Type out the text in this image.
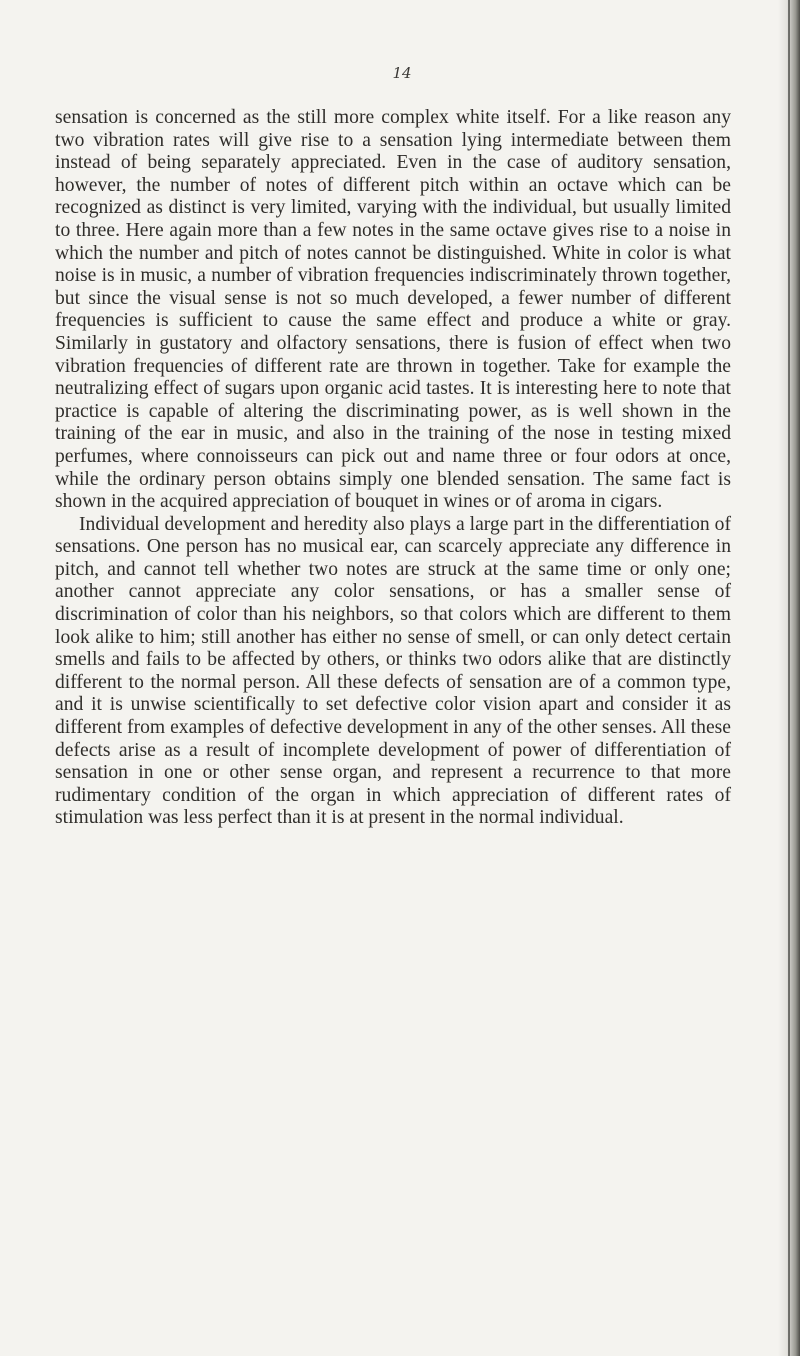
14

sensation is concerned as the still more complex white itself. For a like reason any two vibration rates will give rise to a sensation lying intermediate between them instead of being separately appreciated. Even in the case of auditory sensation, however, the number of notes of different pitch within an octave which can be recognized as distinct is very limited, varying with the individual, but usually limited to three. Here again more than a few notes in the same octave gives rise to a noise in which the number and pitch of notes cannot be distinguished. White in color is what noise is in music, a number of vibration frequencies indiscriminately thrown together, but since the visual sense is not so much developed, a fewer number of different frequencies is sufficient to cause the same effect and produce a white or gray. Similarly in gustatory and olfactory sensations, there is fusion of effect when two vibration frequencies of different rate are thrown in together. Take for example the neutralizing effect of sugars upon organic acid tastes. It is interesting here to note that practice is capable of altering the discriminating power, as is well shown in the training of the ear in music, and also in the training of the nose in testing mixed perfumes, where connoisseurs can pick out and name three or four odors at once, while the ordinary person obtains simply one blended sensation. The same fact is shown in the acquired appreciation of bouquet in wines or of aroma in cigars.

Individual development and heredity also plays a large part in the differentiation of sensations. One person has no musical ear, can scarcely appreciate any difference in pitch, and cannot tell whether two notes are struck at the same time or only one; another cannot appreciate any color sensations, or has a smaller sense of discrimination of color than his neighbors, so that colors which are different to them look alike to him; still another has either no sense of smell, or can only detect certain smells and fails to be affected by others, or thinks two odors alike that are distinctly different to the normal person. All these defects of sensation are of a common type, and it is unwise scientifically to set defective color vision apart and consider it as different from examples of defective development in any of the other senses. All these defects arise as a result of incomplete development of power of differentiation of sensation in one or other sense organ, and represent a recurrence to that more rudimentary condition of the organ in which appreciation of different rates of stimulation was less perfect than it is at present in the normal individual.
